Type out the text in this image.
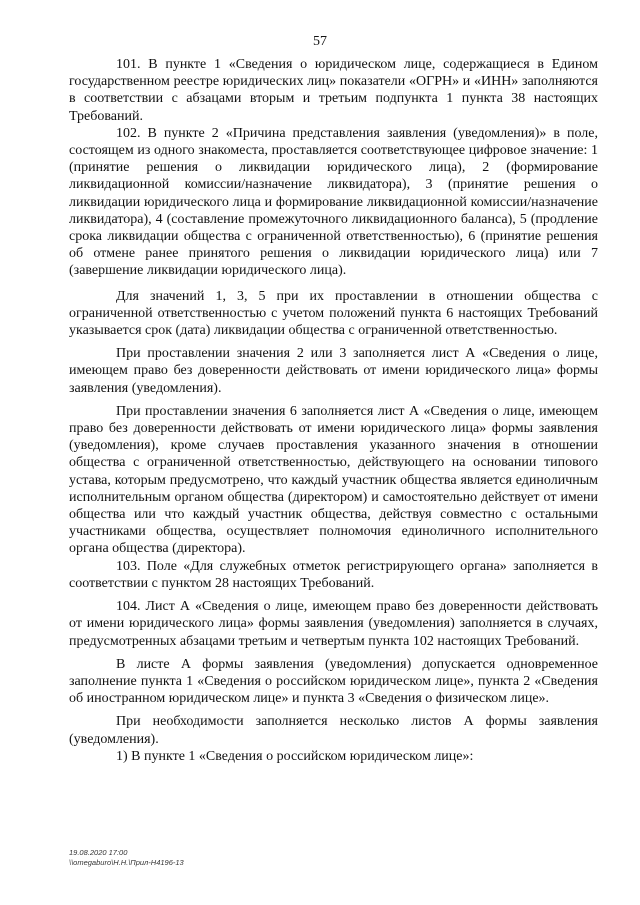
57

101. В пункте 1 «Сведения о юридическом лице, содержащиеся в Едином государственном реестре юридических лиц» показатели «ОГРН» и «ИНН» заполняются в соответствии с абзацами вторым и третьим подпункта 1 пункта 38 настоящих Требований.

102. В пункте 2 «Причина представления заявления (уведомления)» в поле, состоящем из одного знакоместа, проставляется соответствующее цифровое значение: 1 (принятие решения о ликвидации юридического лица), 2 (формирование ликвидационной комиссии/назначение ликвидатора), 3 (принятие решения о ликвидации юридического лица и формирование ликвидационной комиссии/назначение ликвидатора), 4 (составление промежуточного ликвидационного баланса), 5 (продление срока ликвидации общества с ограниченной ответственностью), 6 (принятие решения об отмене ранее принятого решения о ликвидации юридического лица) или 7 (завершение ликвидации юридического лица).

Для значений 1, 3, 5 при их проставлении в отношении общества с ограниченной ответственностью с учетом положений пункта 6 настоящих Требований указывается срок (дата) ликвидации общества с ограниченной ответственностью.

При проставлении значения 2 или 3 заполняется лист А «Сведения о лице, имеющем право без доверенности действовать от имени юридического лица» формы заявления (уведомления).

При проставлении значения 6 заполняется лист А «Сведения о лице, имеющем право без доверенности действовать от имени юридического лица» формы заявления (уведомления), кроме случаев проставления указанного значения в отношении общества с ограниченной ответственностью, действующего на основании типового устава, которым предусмотрено, что каждый участник общества является единоличным исполнительным органом общества (директором) и самостоятельно действует от имени общества или что каждый участник общества, действуя совместно с остальными участниками общества, осуществляет полномочия единоличного исполнительного органа общества (директора).

103. Поле «Для служебных отметок регистрирующего органа» заполняется в соответствии с пунктом 28 настоящих Требований.

104. Лист А «Сведения о лице, имеющем право без доверенности действовать от имени юридического лица» формы заявления (уведомления) заполняется в случаях, предусмотренных абзацами третьим и четвертым пункта 102 настоящих Требований.

В листе А формы заявления (уведомления) допускается одновременное заполнение пункта 1 «Сведения о российском юридическом лице», пункта 2 «Сведения об иностранном юридическом лице» и пункта 3 «Сведения о физическом лице».

При необходимости заполняется несколько листов А формы заявления (уведомления).

1) В пункте 1 «Сведения о российском юридическом лице»:

19.08.2020 17:00
\\omegaburo\Н.Н.\Прил-Н4196-13
